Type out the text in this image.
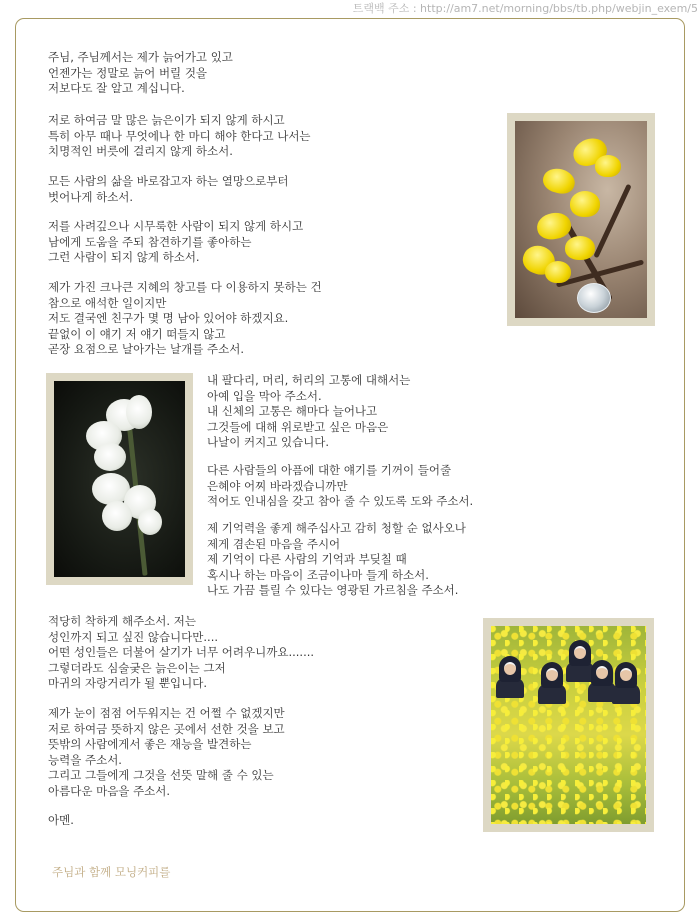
트랙백 주소 : http://am7.net/morning/bbs/tb.php/webjin_exem/5
주님, 주님께서는 제가 늙어가고 있고
언젠가는 정말로 늙어 버릴 것을
저보다도 잘 알고 계십니다.
저로 하여금 말 많은 늙은이가 되지 않게 하시고
특히 아무 때나 무엇에나 한 마디 해야 한다고 나서는
치명적인 버릇에 걸리지 않게 하소서.
모든 사람의 삶을 바로잡고자 하는 열망으로부터
벗어나게 하소서.
저를 사려깊으나 시무룩한 사람이 되지 않게 하시고
남에게 도움을 주되 참견하기를 좋아하는
그런 사람이 되지 않게 하소서.
제가 가진 크나큰 지혜의 창고를 다 이용하지 못하는 건
참으로 애석한 일이지만
저도 결국엔 친구가 몇 명 남아 있어야 하겠지요.
끝없이 이 얘기 저 얘기 떠들지 않고
곧장 요점으로 날아가는 날개를 주소서.
내 팔다리, 머리, 허리의 고통에 대해서는
아예 입을 막아 주소서.
내 신체의 고통은 해마다 늘어나고
그것들에 대해 위로받고 싶은 마음은
나날이 커지고 있습니다.
다른 사람들의 아픔에 대한 얘기를 기꺼이 들어줄
은혜야 어찌 바라겠습니까만
적어도 인내심을 갖고 참아 줄 수 있도록 도와 주소서.
제 기억력을 좋게 해주십사고 감히 청할 순 없사오나
제게 겸손된 마음을 주시어
제 기억이 다른 사람의 기억과 부딪칠 때
혹시나 하는 마음이 조금이나마 들게 하소서.
나도 가끔 틀릴 수 있다는 영광된 가르침을 주소서.
적당히 착하게 해주소서. 저는
성인까지 되고 싶진 않습니다만....
어떤 성인들은 더불어 살기가 너무 어려우니까요.......
그렇더라도 심술궂은 늙은이는 그저
마귀의 자랑거리가 될 뿐입니다.
제가 눈이 점점 어두워지는 건 어쩔 수 없겠지만
저로 하여금 뜻하지 않은 곳에서 선한 것을 보고
뜻밖의 사람에게서 좋은 재능을 발견하는
능력을 주소서.
그리고 그들에게 그것을 선뜻 말해 줄 수 있는
아름다운 마음을 주소서.
아멘.
주님과 함께 모닝커피를
